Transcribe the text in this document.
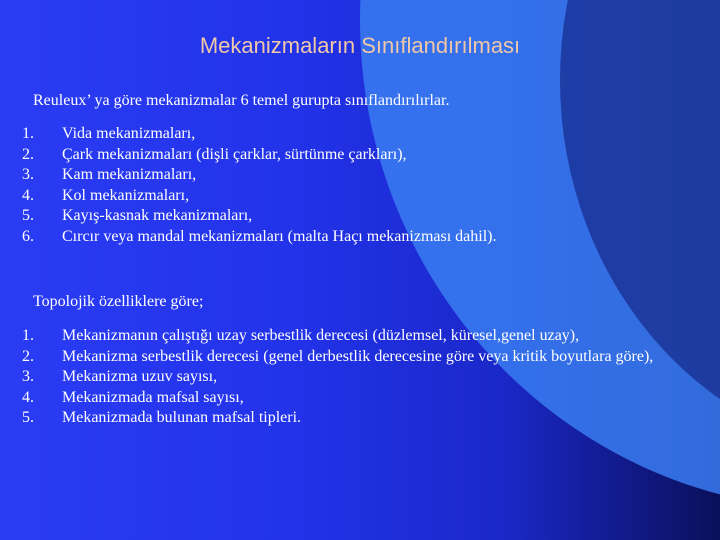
Mekanizmaların Sınıflandırılması
Reuleux’ ya göre mekanizmalar 6 temel gurupta sınıflandırılırlar.
1.	Vida mekanizmaları,
2.	Çark mekanizmaları (dişli çarklar, sürtünme çarkları),
3.	Kam mekanizmaları,
4.	Kol mekanizmaları,
5.	Kayış-kasnak mekanizmaları,
6.	Cırcır veya mandal mekanizmaları (malta Haçı mekanizması dahil).
Topolojik özelliklere göre;
1.	Mekanizmanın çalıştığı uzay serbestlik derecesi (düzlemsel, küresel,genel uzay),
2.	Mekanizma serbestlik derecesi (genel derbestlik derecesine göre veya kritik boyutlara göre),
3.	Mekanizma uzuv sayısı,
4.	Mekanizmada mafsal sayısı,
5.	Mekanizmada bulunan mafsal tipleri.
